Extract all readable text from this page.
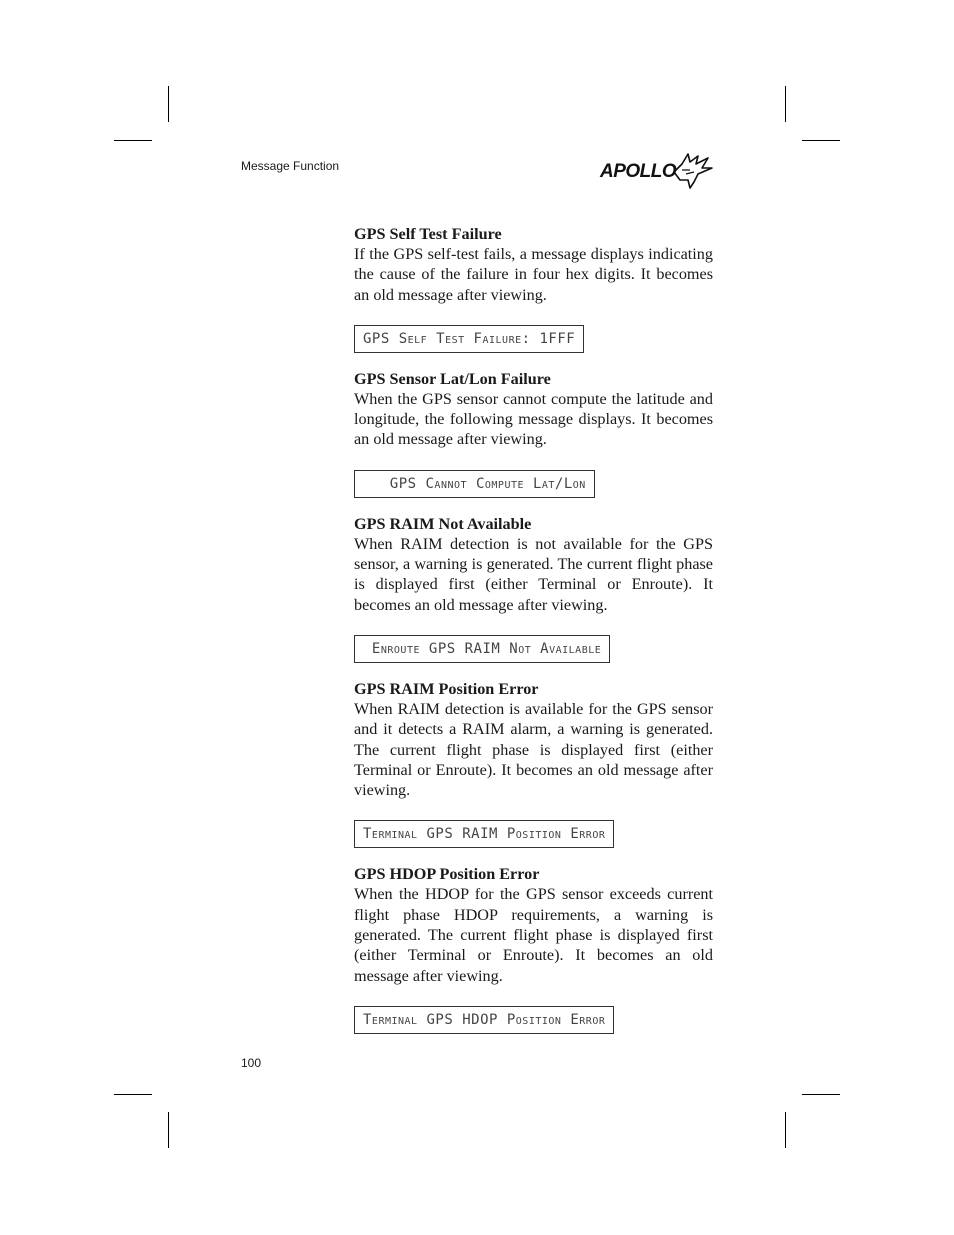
Message Function	APOLLO

GPS Self Test Failure

If the GPS self-test fails, a message displays indicating the cause of the failure in four hex digits. It becomes an old message after viewing.

GPS Self Test Failure: 1FFF

GPS Sensor Lat/Lon Failure

When the GPS sensor cannot compute the latitude and longitude, the following message displays. It becomes an old message after viewing.

GPS Cannot Compute Lat/Lon

GPS RAIM Not Available

When RAIM detection is not available for the GPS sensor, a warning is generated. The current flight phase is displayed first (either Terminal or Enroute). It becomes an old message after viewing.

Enroute GPS RAIM Not Available

GPS RAIM Position Error

When RAIM detection is available for the GPS sensor and it detects a RAIM alarm, a warning is generated. The current flight phase is displayed first (either Terminal or Enroute). It becomes an old message after viewing.

Terminal GPS RAIM Position Error

GPS HDOP Position Error

When the HDOP for the GPS sensor exceeds current flight phase HDOP requirements, a warning is generated. The current flight phase is displayed first (either Terminal or Enroute). It becomes an old message after viewing.

Terminal GPS HDOP Position Error
100
